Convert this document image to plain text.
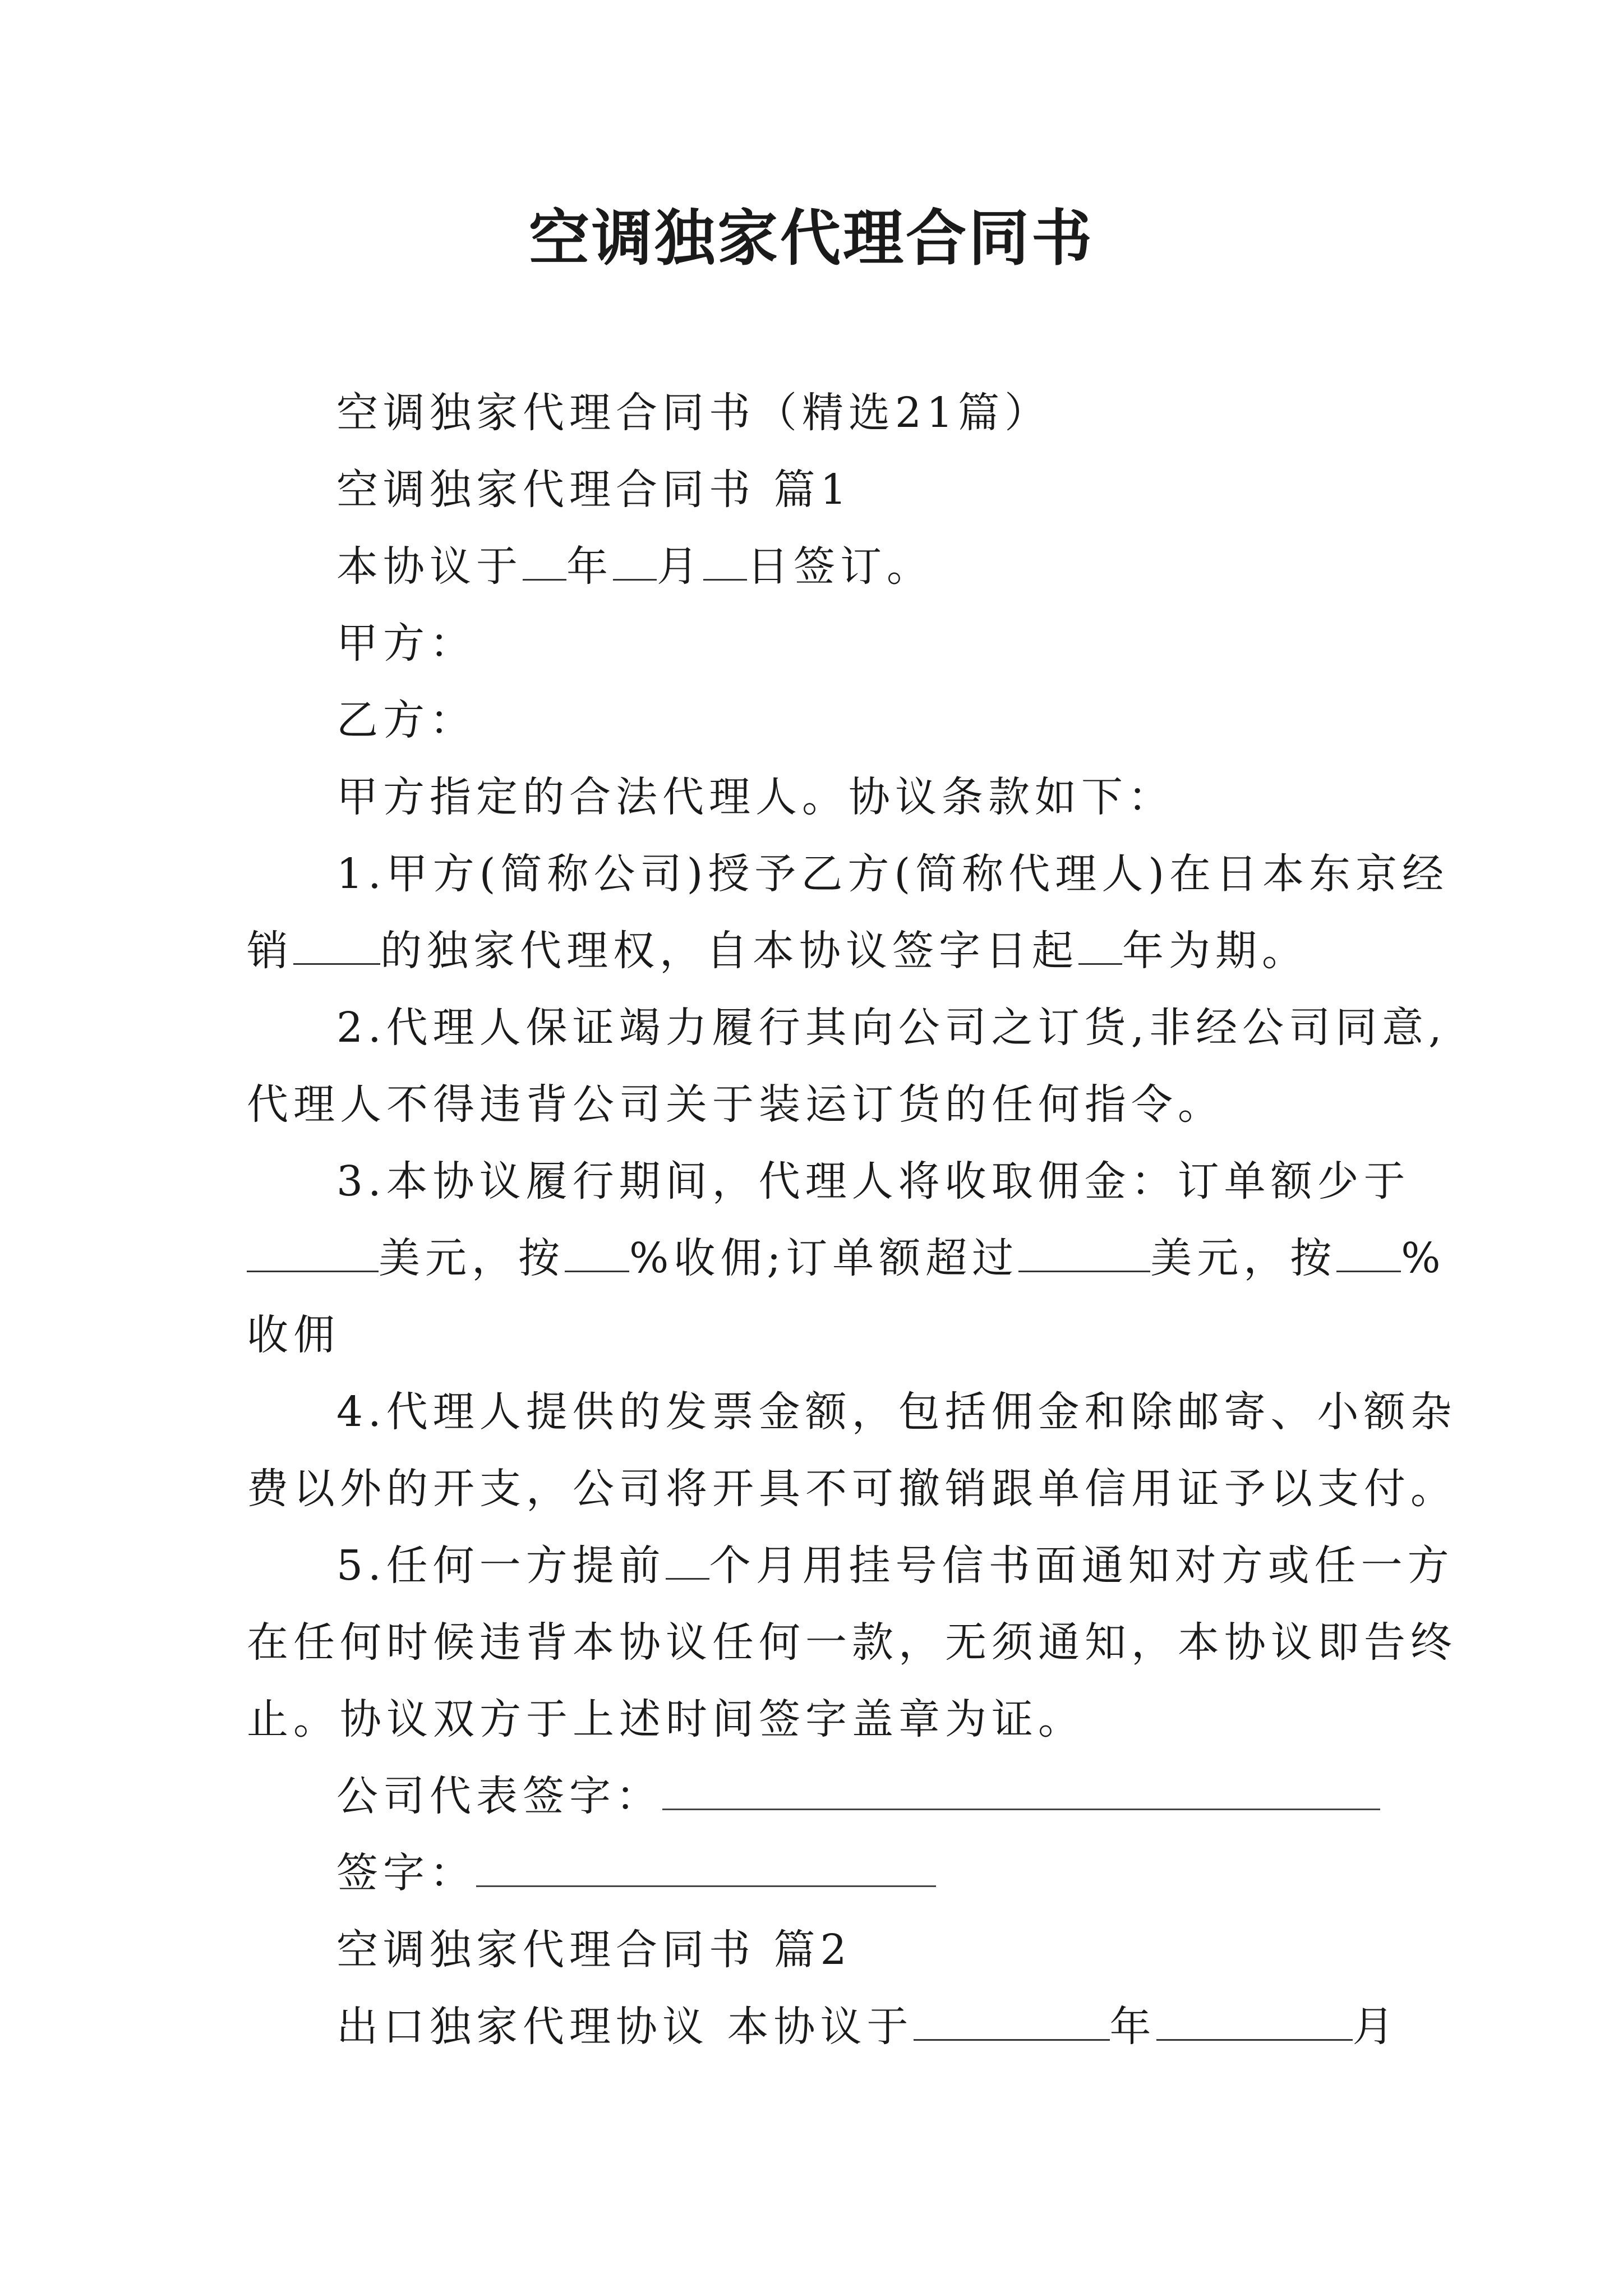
空调独家代理合同书
空调独家代理合同书（精选21篇）
空调独家代理合同书 篇1
本协议于 年 月 日签订。
甲方：
乙方：
甲方指定的合法代理人。协议条款如下：
1.甲方(简称公司)授予乙方(简称代理人)在日本东京经
销 的独家代理权，自本协议签字日起 年为期。
2.代理人保证竭力履行其向公司之订货,非经公司同意,
代理人不得违背公司关于装运订货的任何指令。
3.本协议履行期间，代理人将收取佣金：订单额少于
美元，按 %收佣;订单额超过	美元，按 %
收佣
4.代理人提供的发票金额，包括佣金和除邮寄、小额杂
费以外的开支，公司将开具不可撤销跟单信用证予以支付。
5.任何一方提前 个月用挂号信书面通知对方或任一方
在任何时候违背本协议任何一款，无须通知，本协议即告终
止。协议双方于上述时间签字盖章为证。
公司代表签字：
签字：
空调独家代理合同书 篇2
出口独家代理协议 本协议于	年	月
